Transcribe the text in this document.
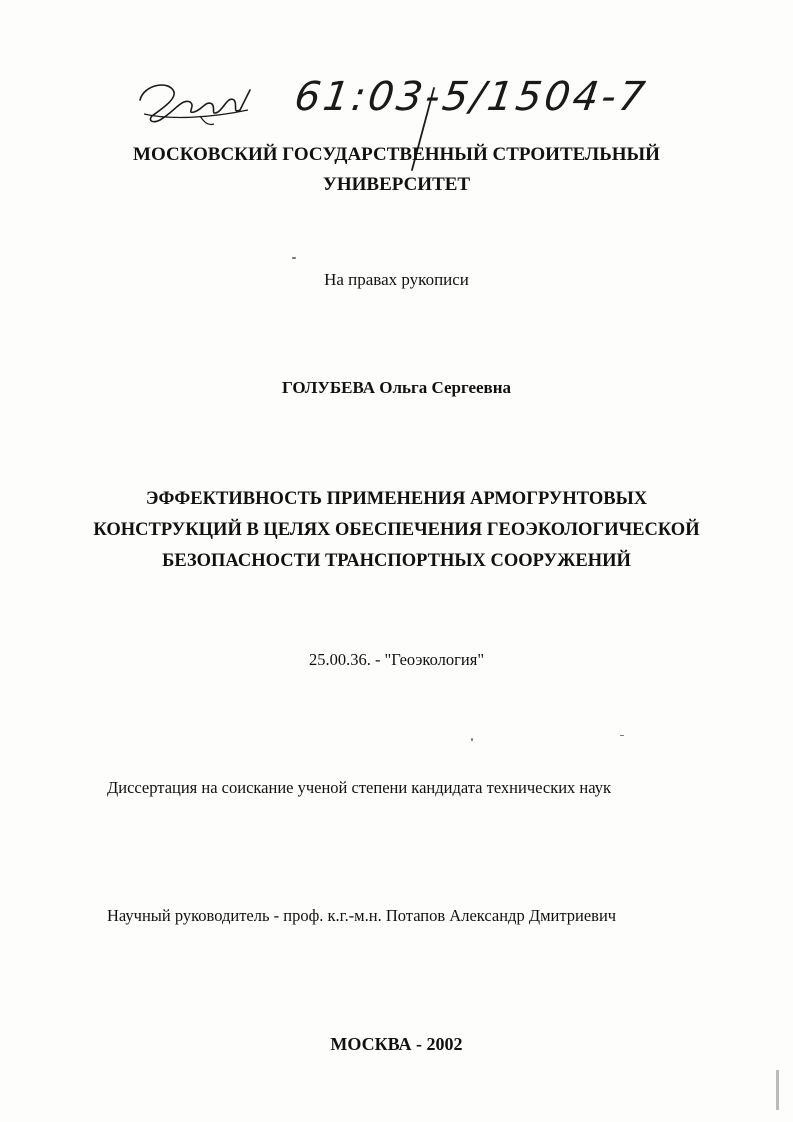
61:03-5/1504-7
МОСКОВСКИЙ ГОСУДАРСТВЕННЫЙ СТРОИТЕЛЬНЫЙ
УНИВЕРСИТЕТ
На правах рукописи
ГОЛУБЕВА Ольга Сергеевна
ЭФФЕКТИВНОСТЬ ПРИМЕНЕНИЯ АРМОГРУНТОВЫХ
КОНСТРУКЦИЙ В ЦЕЛЯХ ОБЕСПЕЧЕНИЯ ГЕОЭКОЛОГИЧЕСКОЙ
БЕЗОПАСНОСТИ ТРАНСПОРТНЫХ СООРУЖЕНИЙ
25.00.36. - "Геоэкология"
Диссертация на соискание ученой степени кандидата технических наук
Научный руководитель - проф. к.г.-м.н. Потапов Александр Дмитриевич
МОСКВА - 2002
